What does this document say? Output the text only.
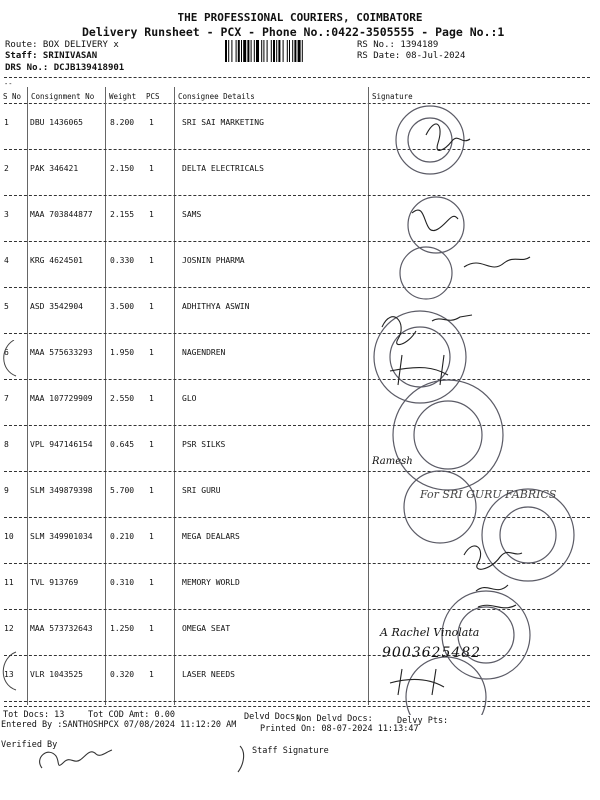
THE PROFESSIONAL COURIERS, COIMBATORE
Delivery Runsheet - PCX - Phone No.:0422-3505555 - Page No.:1
Route: BOX DELIVERY x
Staff: SRINIVASAN
DRS No.: DCJB139418901
RS No.: 1394189
RS Date: 08-Jul-2024
--
S No Consignment No Weight PCS Consignee Details	Signature
1	DBU 1436065	8.200 1	SRI SAI MARKETING
2	PAK 346421	2.150 1	DELTA ELECTRICALS
3	MAA 703844877 2.155 1	SAMS
4	KRG 4624501	0.330 1	JOSNIN PHARMA
5	ASD 3542904	3.500 1	ADHITHYA ASWIN
6	MAA 575633293 1.950 1	NAGENDREN
7	MAA 107729909 2.550 1	GLO
8	VPL 947146154 0.645 1	PSR SILKS
9	SLM 349879398 5.700 1	SRI GURU
10 SLM 349901034 0.210 1	MEGA DEALARS
11 TVL 913769	0.310 1	MEMORY WORLD
12 MAA 573732643 1.250 1	OMEGA SEAT
13 VLR 1043525	0.320 1	LASER NEEDS
For SRI GURU FABRICS
Ramesh
A Rachel Vinolata
9003625482
Tot Docs: 13	Tot COD Amt: 0.00	Delvd Docs:
Non Delvd Docs:	Delvy Pts:
Entered By :SANTHOSHPCX 07/08/2024 11:12:20 AM	Printed On: 08-07-2024 11:13:47
Verified By
Staff Signature
